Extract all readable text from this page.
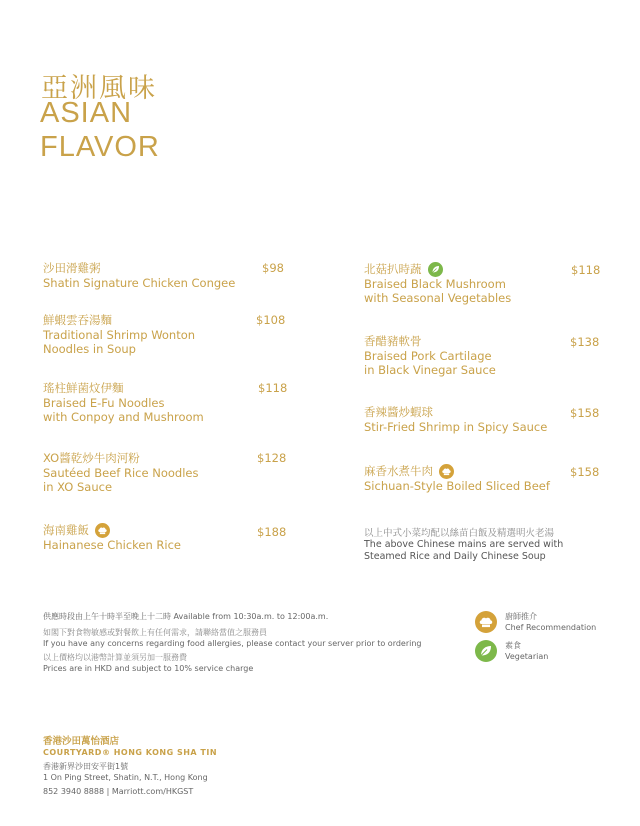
亞洲風味
ASIAN
FLAVOR
沙田滑雞粥
Shatin Signature Chicken Congee
$98
鮮蝦雲吞湯麵
Traditional Shrimp Wonton
Noodles in Soup
$108
瑤柱鮮菌炆伊麵
Braised E-Fu Noodles
with Conpoy and Mushroom
$118
XO醬乾炒牛肉河粉
Sautéed Beef Rice Noodles
in XO Sauce
$128
海南雞飯
Hainanese Chicken Rice
$188
北菇扒時蔬
Braised Black Mushroom
with Seasonal Vegetables
$118
香醋豬軟骨
Braised Pork Cartilage
in Black Vinegar Sauce
$138
香辣醬炒蝦球
Stir-Fried Shrimp in Spicy Sauce
$158
麻香水煮牛肉
Sichuan-Style Boiled Sliced Beef
$158
以上中式小菜均配以絲苗白飯及精選明火老湯
The above Chinese mains are served with
Steamed Rice and Daily Chinese Soup
供應時段由上午十時半至晚上十二時 Available from 10:30a.m. to 12:00a.m.
如閣下對食物敏感或對餐飲上有任何需求，請聯絡當值之服務員
If you have any concerns regarding food allergies, please contact your server prior to ordering
以上價格均以港幣計算並須另加一服務費
Prices are in HKD and subject to 10% service charge
廚師推介
Chef Recommendation
素食
Vegetarian
香港沙田萬怡酒店
COURTYARD® HONG KONG SHA TIN
香港新界沙田安平街1號
1 On Ping Street, Shatin, N.T., Hong Kong
852 3940 8888 | Marriott.com/HKGST
